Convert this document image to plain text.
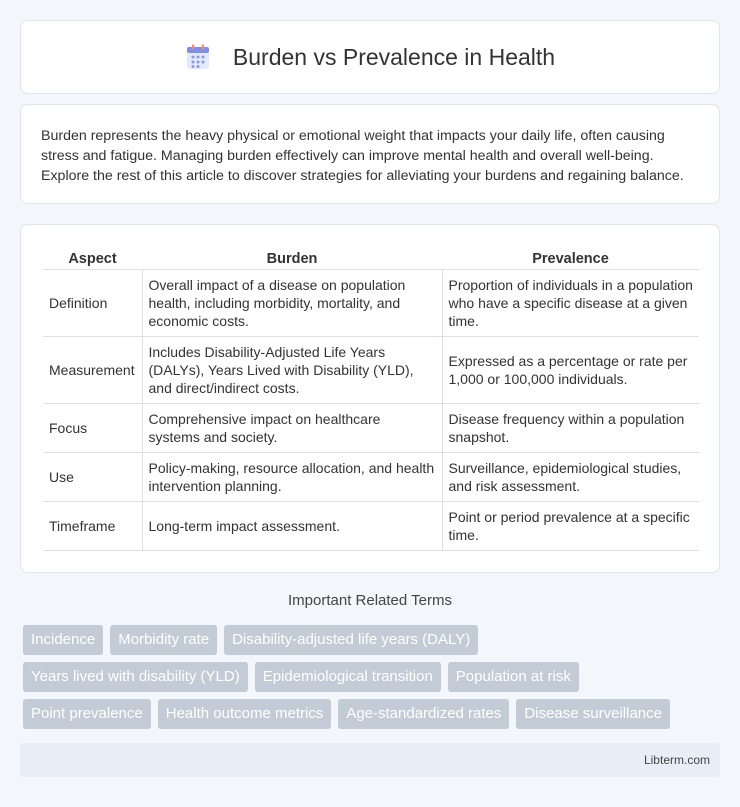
Burden vs Prevalence in Health

Burden represents the heavy physical or emotional weight that impacts your daily life, often causing stress and fatigue. Managing burden effectively can improve mental health and overall well-being. Explore the rest of this article to discover strategies for alleviating your burdens and regaining balance.

Aspect	Burden	Prevalence
Definition	Overall impact of a disease on population health, including morbidity, mortality, and economic costs.	Proportion of individuals in a population who have a specific disease at a given time.
Measurement	Includes Disability-Adjusted Life Years (DALYs), Years Lived with Disability (YLD), and direct/indirect costs.	Expressed as a percentage or rate per 1,000 or 100,000 individuals.
Focus	Comprehensive impact on healthcare systems and society.	Disease frequency within a population snapshot.
Use	Policy-making, resource allocation, and health intervention planning.	Surveillance, epidemiological studies, and risk assessment.
Timeframe	Long-term impact assessment.	Point or period prevalence at a specific time.
Important Related Terms
Incidence	Morbidity rate	Disability-adjusted life years (DALY)
Years lived with disability (YLD)	Epidemiological transition	Population at risk
Point prevalence	Health outcome metrics	Age-standardized rates	Disease surveillance
Libterm.com
